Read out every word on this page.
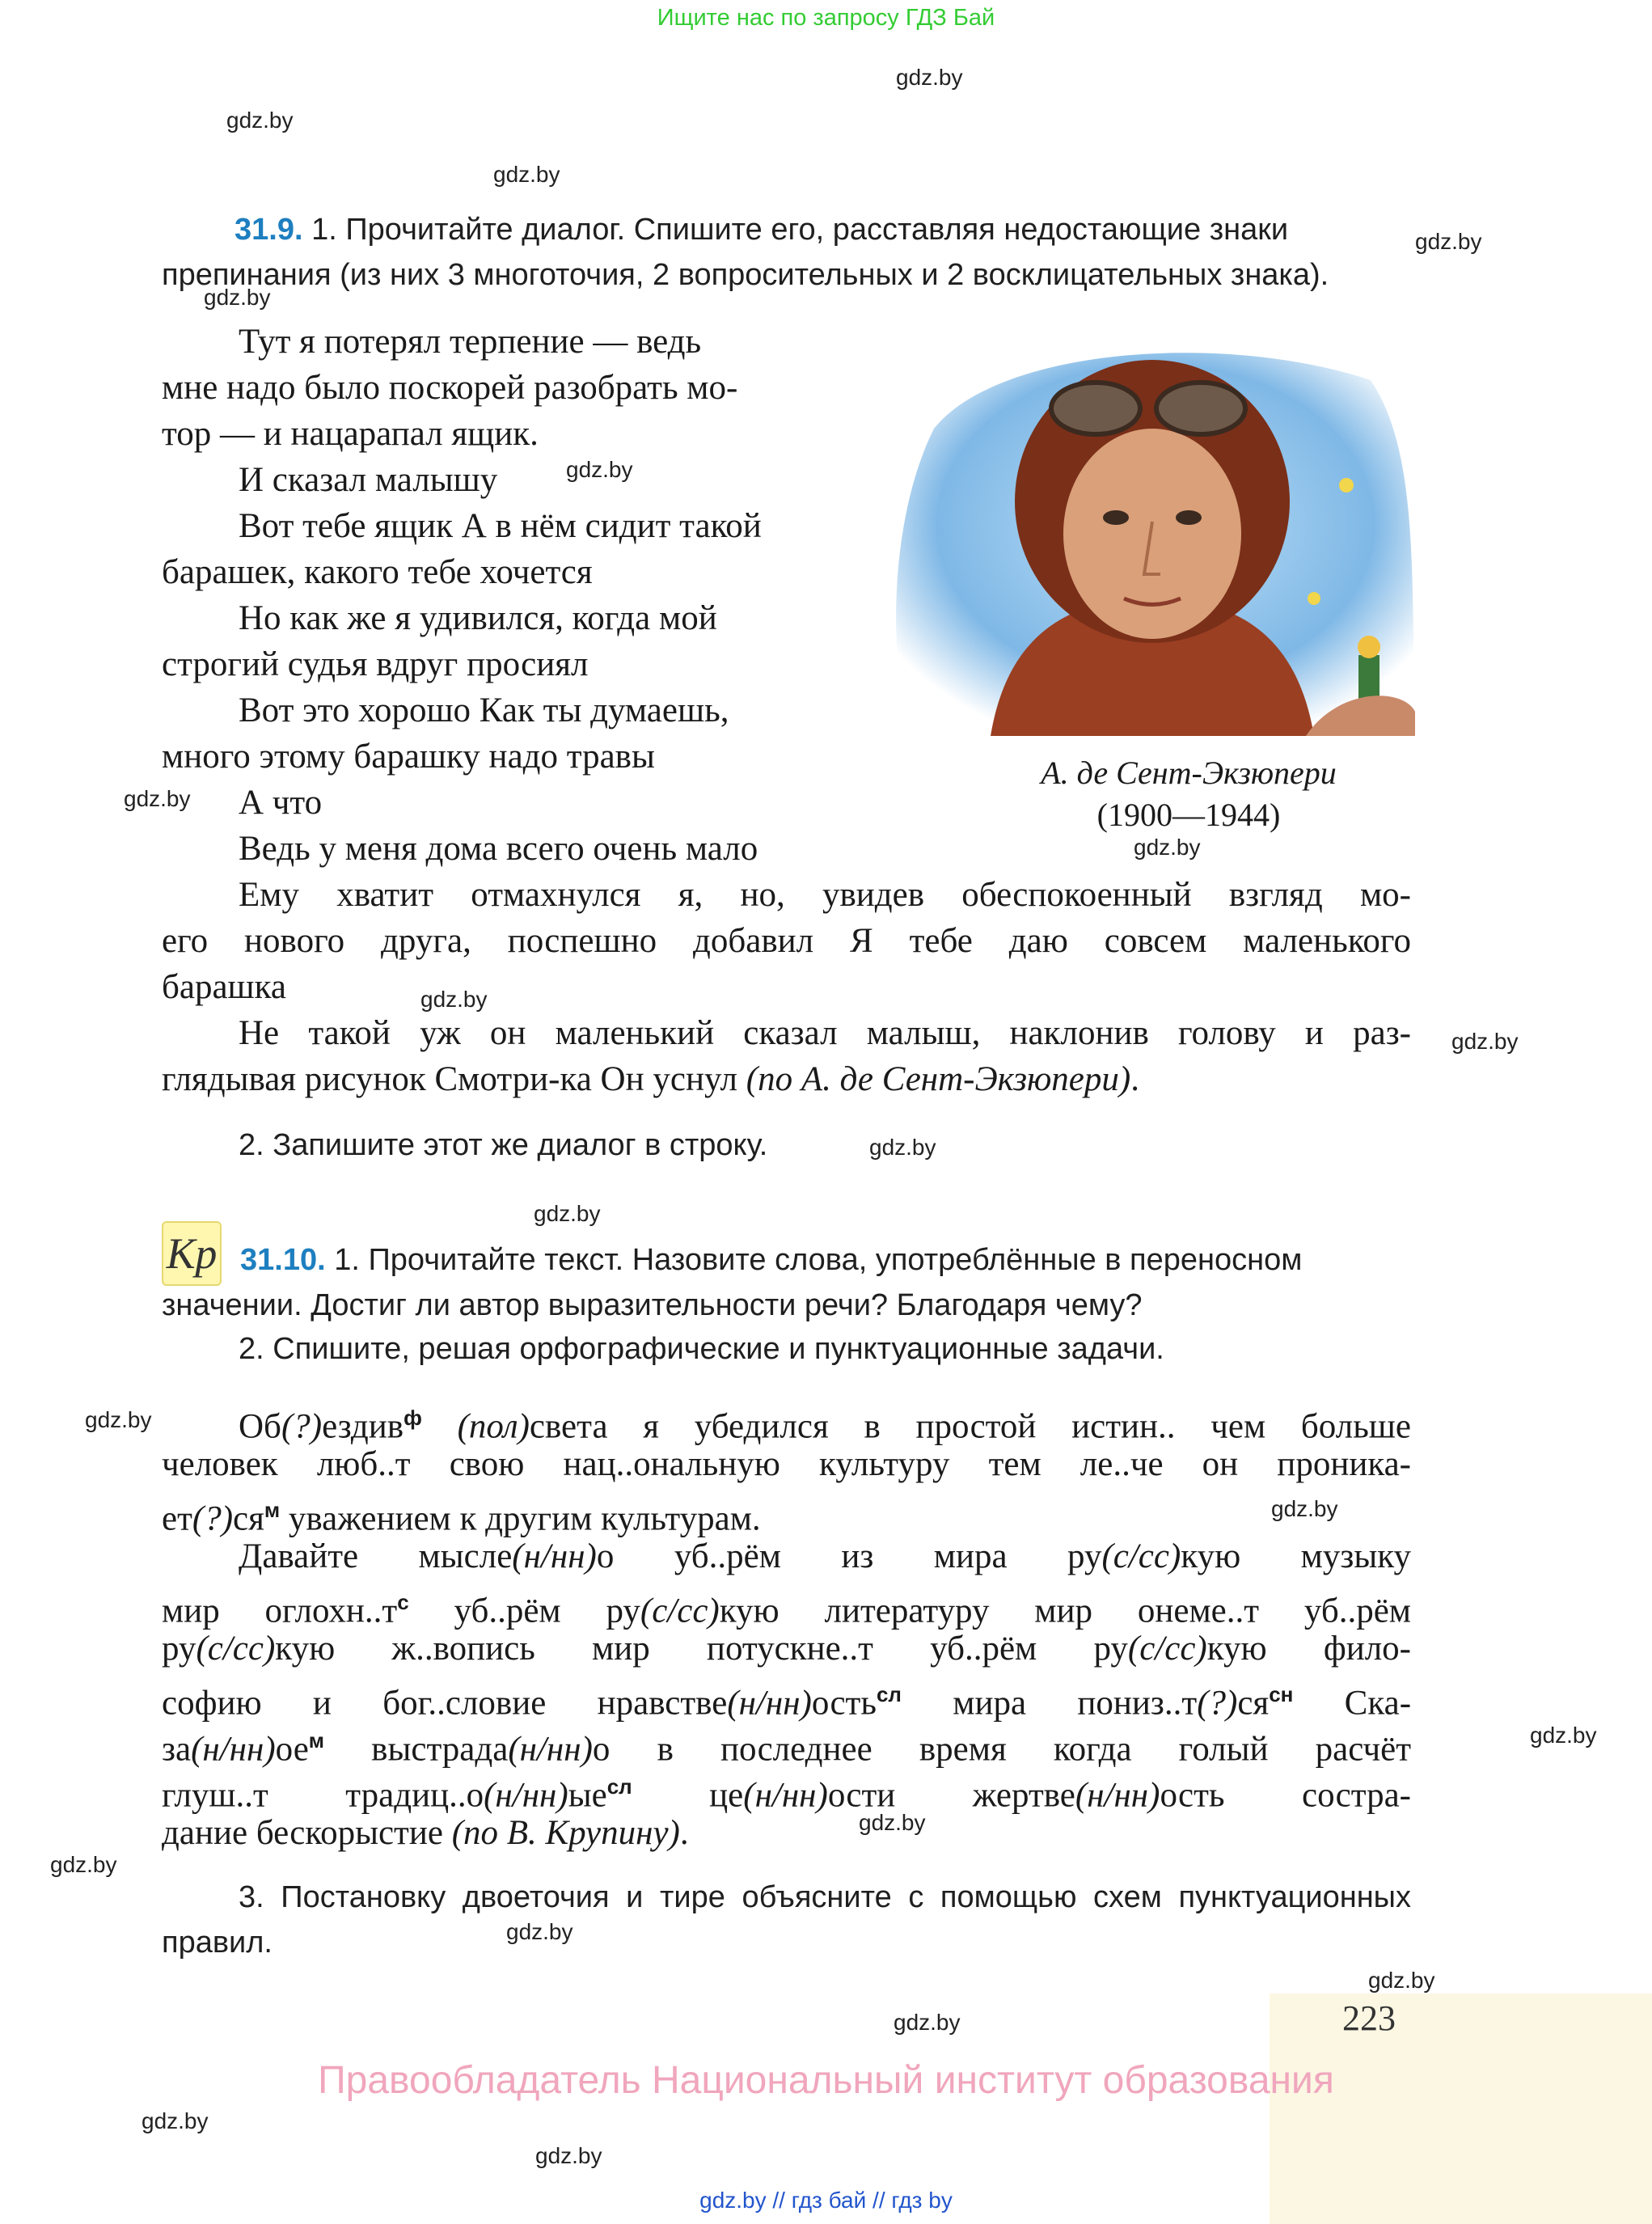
Ищите нас по запросу ГДЗ Бай
gdz.by
gdz.by
gdz.by
gdz.by
gdz.by
gdz.by
gdz.by
gdz.by
gdz.by
gdz.by
gdz.by
gdz.by
gdz.by
gdz.by
gdz.by
gdz.by
gdz.by
gdz.by
gdz.by
gdz.by
gdz.by
gdz.by
31.9. 1. Прочитайте диалог. Спишите его, расставляя недостающие знаки
препинания (из них 3 многоточия, 2 вопросительных и 2 восклицательных знака).
Тут я потерял терпение — ведь
мне надо было поскорей разобрать мо-
тор — и нацарапал ящик.
И сказал малышу
Вот тебе ящик А в нём сидит такой
барашек, какого тебе хочется
Но как же я удивился, когда мой
строгий судья вдруг просиял
Вот это хорошо Как ты думаешь,
много этому барашку надо травы
А что
Ведь у меня дома всего очень мало
Ему хватит отмахнулся я, но, увидев обеспокоенный взгляд мо-
его нового друга, поспешно добавил Я тебе даю совсем маленького
барашка
Не такой уж он маленький сказал малыш, наклонив голову и раз-
глядывая рисунок Смотри-ка Он уснул (по А. де Сент-Экзюпери).
2. Запишите этот же диалог в строку.
А. де Сент-Экзюпери
(1900—1944)
Кр 31.10. 1. Прочитайте текст. Назовите слова, употреблённые в переносном
значении. Достиг ли автор выразительности речи? Благодаря чему?
2. Спишите, решая орфографические и пунктуационные задачи.
Об(?)ездив$^ф$ (пол)света я убедился в простой истин.. чем больше
человек люб..т свою нац..ональную культуру тем ле..че он проника-
$ет(?)ся^м$ уважением к другим культурам.
Давайте мысле(н/нн)о уб..рём из мира ру(с/сс)кую музыку
мир $оглохн..т^с$ уб..рём ру(с/сс)кую литературу мир онеме..т уб..рём
ру(с/сс)кую ж..вопись мир потускне..т уб..рём ру(с/сс)кую фило-
софию и бог..словие нравстве(н/нн)ость$^{сл}$ мира $пониз..т(?)ся^{сн}$ Ска-
$за(н/нн)ое^м$ выстрада(н/нн)о в последнее время когда голый расчёт
глуш..т $традиц..о(н/нн)ые^{сл}$ це(н/нн)ости жертве(н/нн)ость состра-
дание бескорыстие (по В. Крупину).
3. Постановку двоеточия и тире объясните с помощью схем пунктуационных
правил.
223
Правообладатель Национальный институт образования
gdz.by // гдз бай // гдз by
